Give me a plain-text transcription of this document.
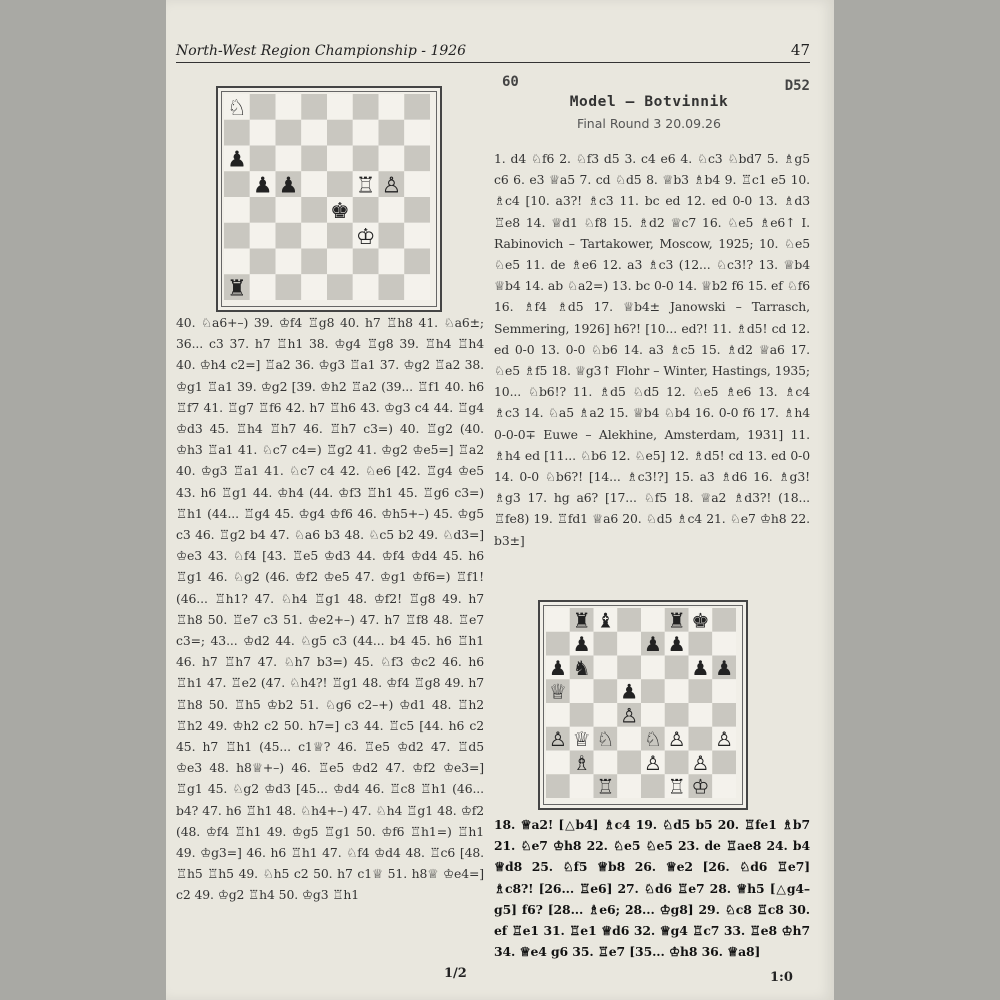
North-West Region Championship - 1926	47
♘
♖ ♙
♔
♟
♟ ♟
♚
♜
40. ♘a6+–) 39. ♔f4 ♖g8 40. h7 ♖h8 41. ♘a6±; 36... c3 37. h7 ♖h1 38. ♔g4 ♖g8 39. ♖h4 ♖h4 40. ♔h4 c2=] ♖a2 36. ♔g3 ♖a1 37. ♔g2 ♖a2 38. ♔g1 ♖a1 39. ♔g2 [39. ♔h2 ♖a2 (39... ♖f1 40. h6 ♖f7 41. ♖g7 ♖f6 42. h7 ♖h6 43. ♔g3 c4 44. ♖g4 ♔d3 45. ♖h4 ♖h7 46. ♖h7 c3=) 40. ♖g2 (40. ♔h3 ♖a1 41. ♘c7 c4=) ♖g2 41. ♔g2 ♔e5=] ♖a2 40. ♔g3 ♖a1 41. ♘c7 c4 42. ♘e6 [42. ♖g4 ♔e5 43. h6 ♖g1 44. ♔h4 (44. ♔f3 ♖h1 45. ♖g6 c3=) ♖h1 (44... ♖g4 45. ♔g4 ♔f6 46. ♔h5+–) 45. ♔g5 c3 46. ♖g2 b4 47. ♘a6 b3 48. ♘c5 b2 49. ♘d3=] ♔e3 43. ♘f4 [43. ♖e5 ♔d3 44. ♔f4 ♔d4 45. h6 ♖g1 46. ♘g2 (46. ♔f2 ♔e5 47. ♔g1 ♔f6=) ♖f1! (46... ♖h1? 47. ♘h4 ♖g1 48. ♔f2! ♖g8 49. h7 ♖h8 50. ♖e7 c3 51. ♔e2+–) 47. h7 ♖f8 48. ♖e7 c3=; 43... ♔d2 44. ♘g5 c3 (44... b4 45. h6 ♖h1 46. h7 ♖h7 47. ♘h7 b3=) 45. ♘f3 ♔c2 46. h6 ♖h1 47. ♖e2 (47. ♘h4?! ♖g1 48. ♔f4 ♖g8 49. h7 ♖h8 50. ♖h5 ♔b2 51. ♘g6 c2–+) ♔d1 48. ♖h2 ♖h2 49. ♔h2 c2 50. h7=] c3 44. ♖c5 [44. h6 c2 45. h7 ♖h1 (45... c1♕? 46. ♖e5 ♔d2 47. ♖d5 ♔e3 48. h8♕+–) 46. ♖e5 ♔d2 47. ♔f2 ♔e3=] ♖g1 45. ♘g2 ♔d3 [45... ♔d4 46. ♖c8 ♖h1 (46... b4? 47. h6 ♖h1 48. ♘h4+–) 47. ♘h4 ♖g1 48. ♔f2 (48. ♔f4 ♖h1 49. ♔g5 ♖g1 50. ♔f6 ♖h1=) ♖h1 49. ♔g3=] 46. h6 ♖h1 47. ♘f4 ♔d4 48. ♖c6 [48. ♖h5 ♖h5 49. ♘h5 c2 50. h7 c1♕ 51. h8♕ ♔e4=] c2 49. ♔g2 ♖h4 50. ♔g3 ♖h1
1/2
60	D52
Model – Botvinnik
Final Round 3 20.09.26
1. d4 ♘f6 2. ♘f3 d5 3. c4 e6 4. ♘c3 ♘bd7 5. ♗g5 c6 6. e3 ♕a5 7. cd ♘d5 8. ♕b3 ♗b4 9. ♖c1 e5 10. ♗c4 [10. a3?! ♗c3 11. bc ed 12. ed 0-0 13. ♗d3 ♖e8 14. ♕d1 ♘f8 15. ♗d2 ♕c7 16. ♘e5 ♗e6↑ I. Rabinovich – Tartakower, Moscow, 1925; 10. ♘e5 ♘e5 11. de ♗e6 12. a3 ♗c3 (12... ♘c3!? 13. ♕b4 ♕b4 14. ab ♘a2=) 13. bc 0-0 14. ♕b2 f6 15. ef ♘f6 16. ♗f4 ♗d5 17. ♕b4± Janowski – Tarrasch, Semmering, 1926] h6?! [10... ed?! 11. ♗d5! cd 12. ed 0-0 13. 0-0 ♘b6 14. a3 ♗c5 15. ♗d2 ♕a6 17. ♘e5 ♗f5 18. ♕g3↑ Flohr – Winter, Hastings, 1935; 10... ♘b6!? 11. ♗d5 ♘d5 12. ♘e5 ♗e6 13. ♗c4 ♗c3 14. ♘a5 ♗a2 15. ♕b4 ♘b4 16. 0-0 f6 17. ♗h4 0-0-0∓ Euwe – Alekhine, Amsterdam, 1931] 11. ♗h4 ed [11... ♘b6 12. ♘e5] 12. ♗d5! cd 13. ed 0-0 14. 0-0 ♘b6?! [14... ♗c3!?] 15. a3 ♗d6 16. ♗g3! ♗g3 17. hg a6? [17... ♘f5 18. ♕a2 ♗d3?! (18... ♖fe8) 19. ♖fd1 ♕a6 20. ♘d5 ♗c4 21. ♘e7 ♔h8 22. b3±]
♕
♕
♙
♙
♙
♙
♙
♙
♘ ♘
♗
♖	♖ ♔
♜	♜
♝	♚
♟	♟ ♟
♟	♟ ♟
♟
♞
18. ♕a2! [△b4] ♗c4 19. ♘d5 b5 20. ♖fe1 ♗b7 21. ♘e7 ♔h8 22. ♘e5 ♘e5 23. de ♖ae8 24. b4 ♕d8 25. ♘f5 ♕b8 26. ♕e2 [26. ♘d6 ♖e7] ♗c8?! [26... ♖e6] 27. ♘d6 ♖e7 28. ♕h5 [△g4–g5] f6? [28... ♗e6; 28... ♔g8] 29. ♘c8 ♖c8 30. ef ♖e1 31. ♖e1 ♕d6 32. ♕g4 ♖c7 33. ♖e8 ♔h7 34. ♕e4 g6 35. ♖e7 [35... ♔h8 36. ♕a8]
1:0
